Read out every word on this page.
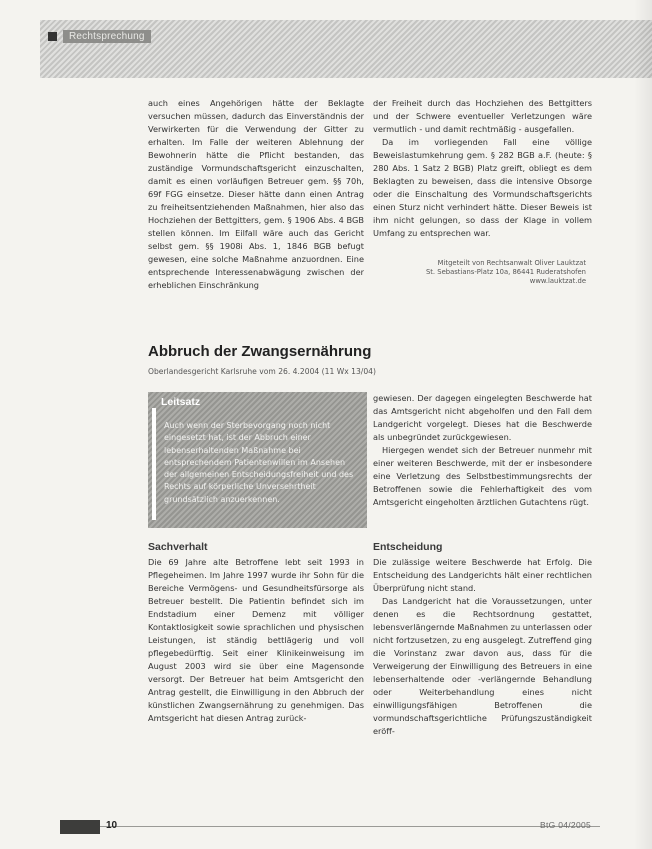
Rechtsprechung

auch eines Angehörigen hätte der Beklagte versuchen müssen, dadurch das Einverständnis der Verwirkerten für die Verwendung der Gitter zu erhalten. Im Falle der weiteren Ablehnung der Bewohnerin hätte die Pflicht bestanden, das zuständige Vormundschaftsgericht einzuschalten, damit es einen vorläufigen Betreuer gem. §§ 70h, 69f FGG einsetze. Dieser hätte dann einen Antrag zu freiheitsentziehenden Maßnahmen, hier also das Hochziehen der Bettgitters, gem. § 1906 Abs. 4 BGB stellen können. Im Eilfall wäre auch das Gericht selbst gem. §§ 1908i Abs. 1, 1846 BGB befugt gewesen, eine solche Maßnahme anzuordnen. Eine entsprechende Interessenabwägung zwischen der erheblichen Einschränkung

der Freiheit durch das Hochziehen des Bettgitters und der Schwere eventueller Verletzungen wäre vermutlich - und damit rechtmäßig - ausgefallen.

Da im vorliegenden Fall eine völlige Beweislastumkehrung gem. § 282 BGB a.F. (heute: § 280 Abs. 1 Satz 2 BGB) Platz greift, obliegt es dem Beklagten zu beweisen, dass die intensive Obsorge oder die Einschaltung des Vormundschaftsgerichts einen Sturz nicht verhindert hätte. Dieser Beweis ist ihm nicht gelungen, so dass der Klage in vollem Umfang zu entsprechen war.

Mitgeteilt von Rechtsanwalt Oliver Lauktzat
St. Sebastians-Platz 10a, 86441 Ruderatshofen
www.lauktzat.de
Abbruch der Zwangsernährung
Oberlandesgericht Karlsruhe vom 26. 4.2004 (11 Wx 13/04)
Leitsatz
Auch wenn der Sterbevorgang noch nicht eingesetzt hat, ist der Abbruch einer lebenserhaltenden Maßnahme bei entsprechendem Patientenwillen im Ansehen der allgemeinen Entscheidungsfreiheit und des Rechts auf körperliche Unversehrtheit grundsätzlich anzuerkennen.

gewiesen. Der dagegen eingelegten Beschwerde hat das Amtsgericht nicht abgeholfen und den Fall dem Landgericht vorgelegt. Dieses hat die Beschwerde als unbegründet zurückgewiesen.

Hiergegen wendet sich der Betreuer nunmehr mit einer weiteren Beschwerde, mit der er insbesondere eine Verletzung des Selbstbestimmungsrechts der Betroffenen sowie die Fehlerhaftigkeit des vom Amtsgericht eingeholten ärztlichen Gutachtens rügt.

Sachverhalt

Die 69 Jahre alte Betroffene lebt seit 1993 in Pflegeheimen. Im Jahre 1997 wurde ihr Sohn für die Bereiche Vermögens- und Gesundheitsfürsorge als Betreuer bestellt. Die Patientin befindet sich im Endstadium einer Demenz mit völliger Kontaktlosigkeit sowie sprachlichen und physischen Leistungen, ist ständig bettlägerig und voll pflegebedürftig. Seit einer Klinikeinweisung im August 2003 wird sie über eine Magensonde versorgt. Der Betreuer hat beim Amtsgericht den Antrag gestellt, die Einwilligung in den Abbruch der künstlichen Zwangsernährung zu genehmigen. Das Amtsgericht hat diesen Antrag zurück-

Entscheidung

Die zulässige weitere Beschwerde hat Erfolg. Die Entscheidung des Landgerichts hält einer rechtlichen Überprüfung nicht stand.

Das Landgericht hat die Voraussetzungen, unter denen es die Rechtsordnung gestattet, lebensverlängernde Maßnahmen zu unterlassen oder nicht fortzusetzen, zu eng ausgelegt. Zutreffend ging die Vorinstanz zwar davon aus, dass für die Verweigerung der Einwilligung des Betreuers in eine lebenserhaltende oder -verlängernde Behandlung oder Weiterbehandlung eines nicht einwilligungsfähigen Betroffenen die vormundschaftsgerichtliche Prüfungszuständigkeit eröff-

10	BtG 04/2005
